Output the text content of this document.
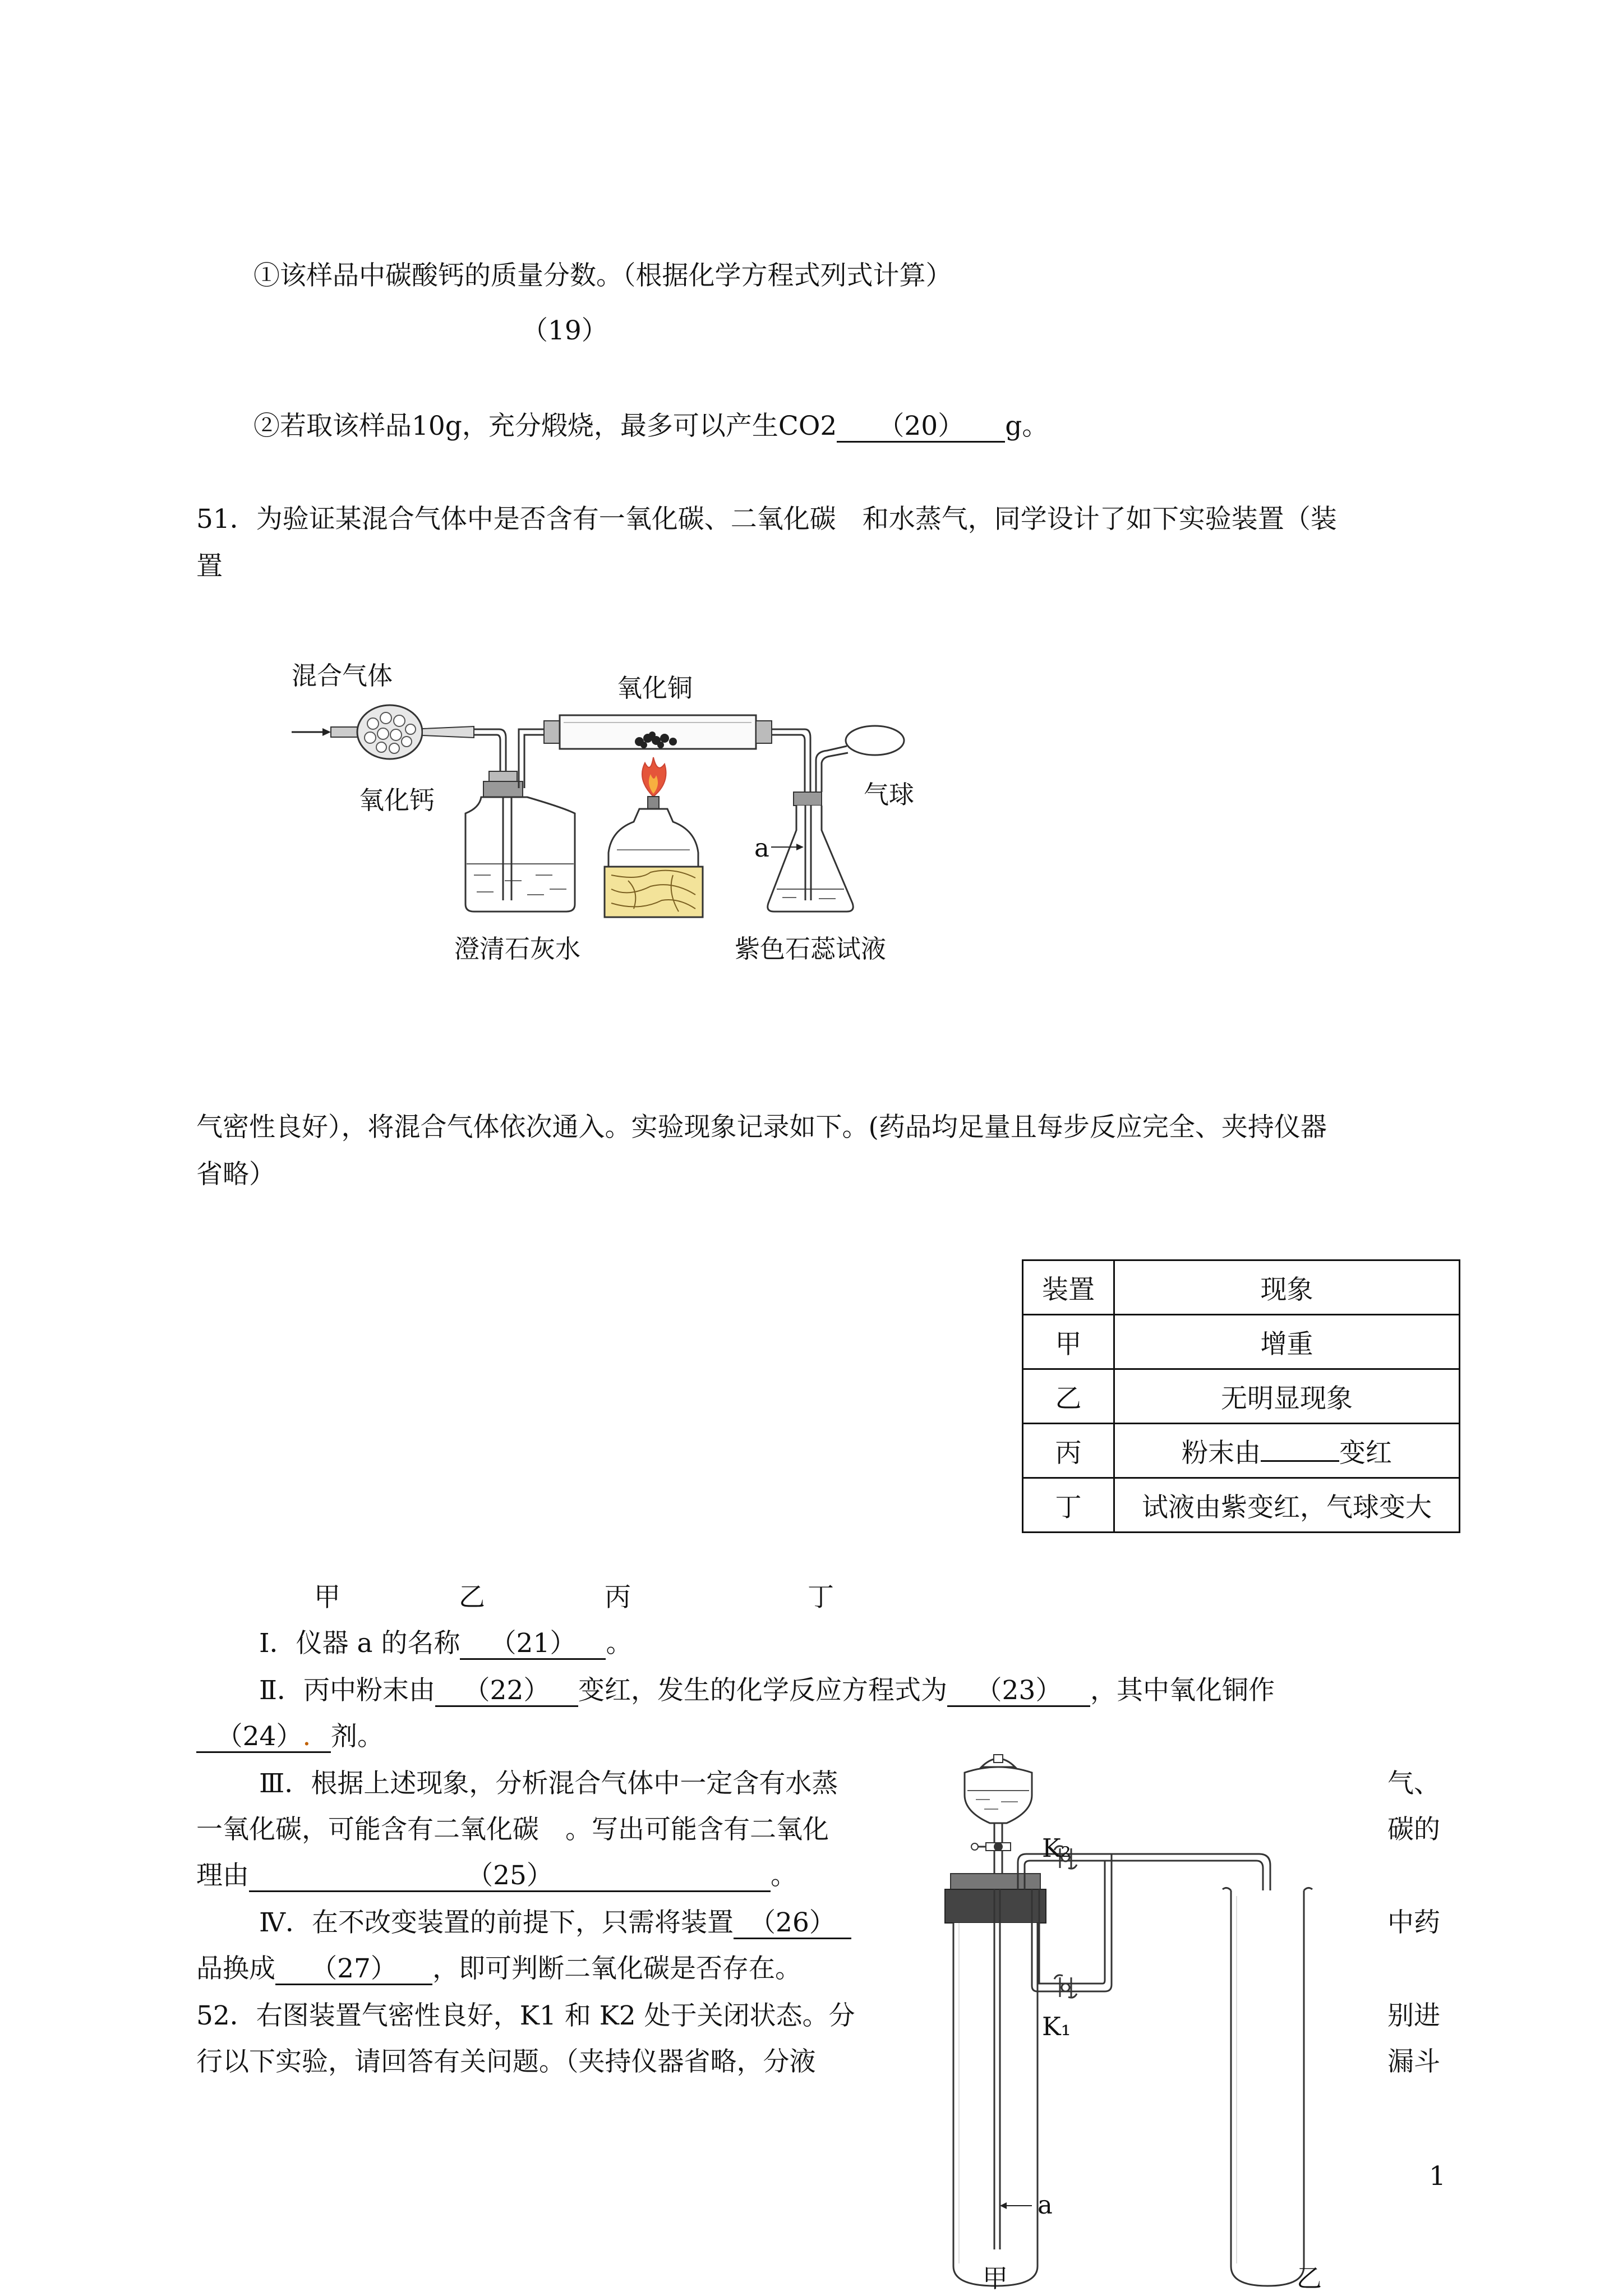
①该样品中碳酸钙的质量分数。（根据化学方程式列式计算）
（19）
②若取该样品10g，充分煅烧，最多可以产生CO2 （20） g。
51．为验证某混合气体中是否含有一氧化碳、二氧化碳　和水蒸气，同学设计了如下实验装置（装
置
混合气体	氧化铜
氧化钙	气球
a
澄清石灰水	紫色石蕊试液
气密性良好），将混合气体依次通入。实验现象记录如下。(药品均足量且每步反应完全、夹持仪器
省略）
装置	现象
甲	增重
乙	无明显现象
丙	粉末由 变红
丁	试液由紫变红，气球变大
甲	乙	丙	丁
Ⅰ．仪器 a 的名称 （21） 。
Ⅱ．丙中粉末由 （22） 变红，发生的化学反应方程式为 （23） ，其中氧化铜作
（24）. 剂。
Ⅲ．根据上述现象，分析混合气体中一定含有水蒸	气、
一氧化碳，可能含有二氧化碳　。写出可能含有二氧化	碳的
理由	（25）	。
Ⅳ．在不改变装置的前提下，只需将装置 （26）	中药
品换成 （27） ，即可判断二氧化碳是否存在。
52．右图装置气密性良好，K1 和 K2 处于关闭状态。分	别进
行以下实验，请回答有关问题。（夹持仪器省略，分液	漏斗
K₂
K₁
a
甲	乙
1
